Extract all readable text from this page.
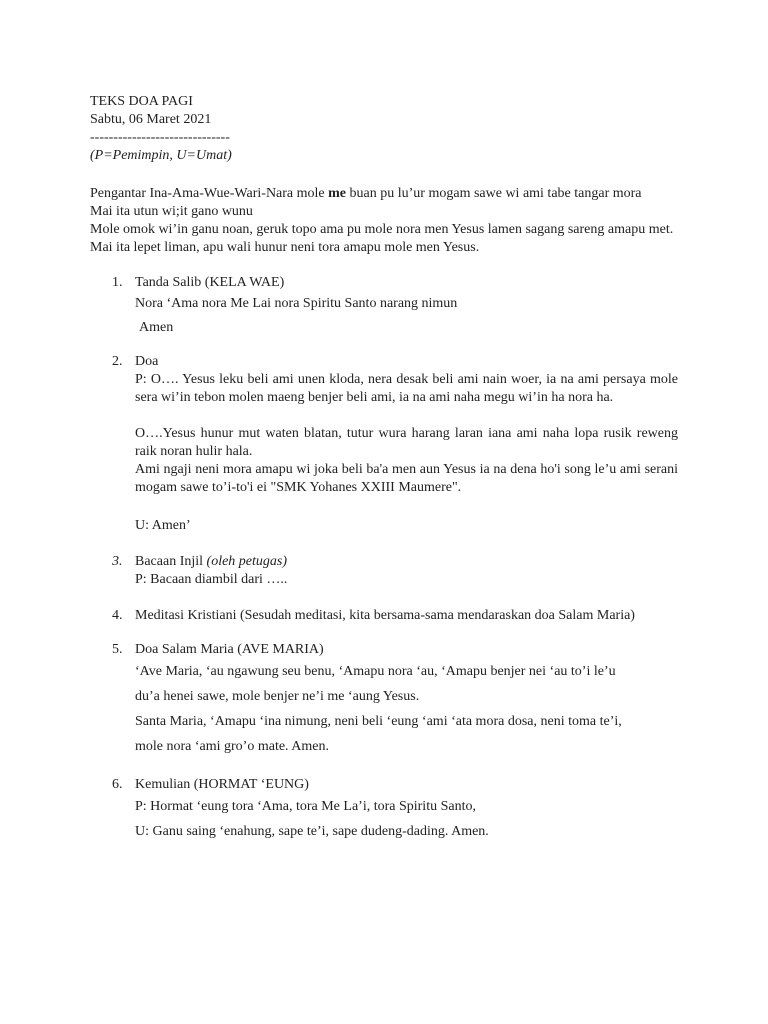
TEKS DOA PAGI
Sabtu, 06 Maret 2021
------------------------------
(P=Pemimpin, U=Umat)
Pengantar Ina-Ama-Wue-Wari-Nara mole me buan pu lu’ur mogam sawe wi ami tabe tangar mora
Mai ita utun wi;it gano wunu
Mole omok wi’in ganu noan, geruk topo ama pu mole nora men Yesus lamen sagang sareng amapu met.
Mai ita lepet liman, apu wali hunur neni tora amapu mole men Yesus.
1. Tanda Salib (KELA WAE)
Nora ‘Ama nora Me Lai nora Spiritu Santo narang nimun
Amen
2. Doa
P: O…. Yesus leku beli ami unen kloda, nera desak beli ami nain woer, ia na ami persaya mole sera wi’in tebon molen maeng benjer beli ami, ia na ami naha megu wi’in ha nora ha.
O….Yesus hunur mut waten blatan, tutur wura harang laran iana ami naha lopa rusik reweng raik noran hulir hala.
Ami ngaji neni mora amapu wi joka beli ba'a men aun Yesus ia na dena ho'i song le’u ami serani mogam sawe to’i-to'i ei "SMK Yohanes XXIII Maumere".
U: Amen’
3. Bacaan Injil (oleh petugas)
P: Bacaan diambil dari …..
4. Meditasi Kristiani (Sesudah meditasi, kita bersama-sama mendaraskan doa Salam Maria)
5. Doa Salam Maria (AVE MARIA)
‘Ave Maria, ‘au ngawung seu benu, ‘Amapu nora ‘au, ‘Amapu benjer nei ‘au to’i le’u
du’a henei sawe, mole benjer ne’i me ‘aung Yesus.
Santa Maria, ‘Amapu ‘ina nimung, neni beli ‘eung ‘ami ‘ata mora dosa, neni toma te’i,
mole nora ‘ami gro’o mate. Amen.
6. Kemulian (HORMAT ‘EUNG)
P: Hormat ‘eung tora ‘Ama, tora Me La’i, tora Spiritu Santo,
U: Ganu saing ‘enahung, sape te’i, sape dudeng-dading. Amen.
